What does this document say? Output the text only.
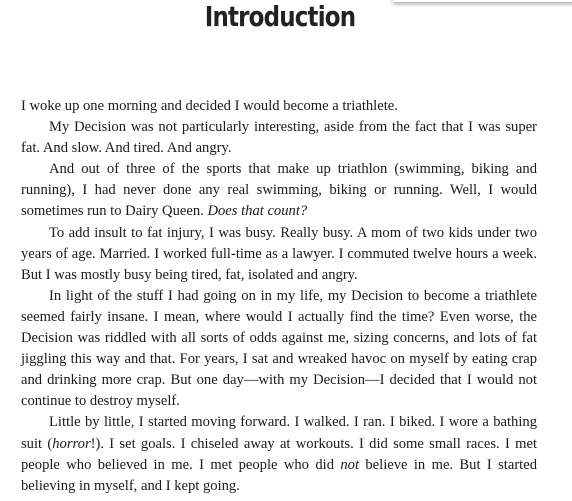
Introduction

I woke up one morning and decided I would become a triathlete.

My Decision was not particularly interesting, aside from the fact that I was super fat. And slow. And tired. And angry.

And out of three of the sports that make up triathlon (swimming, biking and running), I had never done any real swimming, biking or running. Well, I would sometimes run to Dairy Queen. Does that count?

To add insult to fat injury, I was busy. Really busy. A mom of two kids under two years of age. Married. I worked full-time as a lawyer. I commuted twelve hours a week. But I was mostly busy being tired, fat, isolated and angry.

In light of the stuff I had going on in my life, my Decision to become a triathlete seemed fairly insane. I mean, where would I actually find the time? Even worse, the Decision was riddled with all sorts of odds against me, sizing concerns, and lots of fat jiggling this way and that. For years, I sat and wreaked havoc on myself by eating crap and drinking more crap. But one day—with my Decision—I decided that I would not continue to destroy myself.

Little by little, I started moving forward. I walked. I ran. I biked. I wore a bathing suit (horror!). I set goals. I chiseled away at workouts. I did some small races. I met people who believed in me. I met people who did not believe in me. But I started believing in myself, and I kept going.
